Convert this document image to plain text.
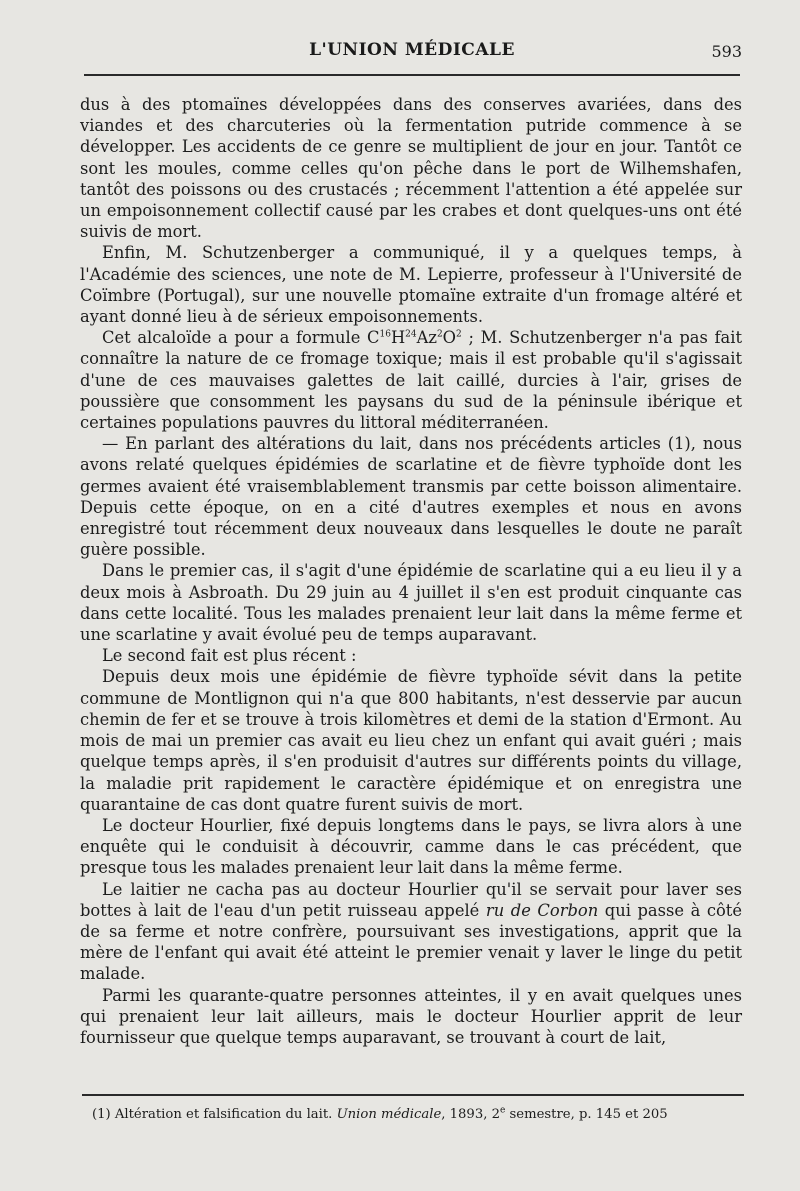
L'UNION MÉDICALE	593

dus à des ptomaïnes développées dans des conserves avariées, dans des viandes et des charcuteries où la fermentation putride commence à se développer. Les accidents de ce genre se multiplient de jour en jour. Tantôt ce sont les moules, comme celles qu'on pêche dans le port de Wilhemshafen, tantôt des poissons ou des crustacés ; récemment l'attention a été appelée sur un empoisonnement collectif causé par les crabes et dont quelques-uns ont été suivis de mort.

Enfin, M. Schutzenberger a communiqué, il y a quelques temps, à l'Académie des sciences, une note de M. Lepierre, professeur à l'Université de Coïmbre (Portugal), sur une nouvelle ptomaïne extraite d'un fromage altéré et ayant donné lieu à de sérieux empoisonnements.

Cet alcaloïde a pour a formule $C^{16}H^{24}Az^2O^2$ ; M. Schutzenberger n'a pas fait connaître la nature de ce fromage toxique; mais il est probable qu'il s'agissait d'une de ces mauvaises galettes de lait caillé, durcies à l'air, grises de poussière que consomment les paysans du sud de la péninsule ibérique et certaines populations pauvres du littoral méditerranéen.

— En parlant des altérations du lait, dans nos précédents articles (1), nous avons relaté quelques épidémies de scarlatine et de fièvre typhoïde dont les germes avaient été vraisemblablement transmis par cette boisson alimentaire. Depuis cette époque, on en a cité d'autres exemples et nous en avons enregistré tout récemment deux nouveaux dans lesquelles le doute ne paraît guère possible.

Dans le premier cas, il s'agit d'une épidémie de scarlatine qui a eu lieu il y a deux mois à Asbroath. Du 29 juin au 4 juillet il s'en est produit cinquante cas dans cette localité. Tous les malades prenaient leur lait dans la même ferme et une scarlatine y avait évolué peu de temps auparavant.

Le second fait est plus récent :

Depuis deux mois une épidémie de fièvre typhoïde sévit dans la petite commune de Montlignon qui n'a que 800 habitants, n'est desservie par aucun chemin de fer et se trouve à trois kilomètres et demi de la station d'Ermont. Au mois de mai un premier cas avait eu lieu chez un enfant qui avait guéri ; mais quelque temps après, il s'en produisit d'autres sur différents points du village, la maladie prit rapidement le caractère épidémique et on enregistra une quarantaine de cas dont quatre furent suivis de mort.

Le docteur Hourlier, fixé depuis longtems dans le pays, se livra alors à une enquête qui le conduisit à découvrir, camme dans le cas précédent, que presque tous les malades prenaient leur lait dans la même ferme.

Le laitier ne cacha pas au docteur Hourlier qu'il se servait pour laver ses bottes à lait de l'eau d'un petit ruisseau appelé ru de Corbon qui passe à côté de sa ferme et notre confrère, poursuivant ses investigations, apprit que la mère de l'enfant qui avait été atteint le premier venait y laver le linge du petit malade.

Parmi les quarante-quatre personnes atteintes, il y en avait quelques unes qui prenaient leur lait ailleurs, mais le docteur Hourlier apprit de leur fournisseur que quelque temps auparavant, se trouvant à court de lait,

(1) Altération et falsification du lait. Union médicale, 1893, 2e semestre, p. 145 et 205
